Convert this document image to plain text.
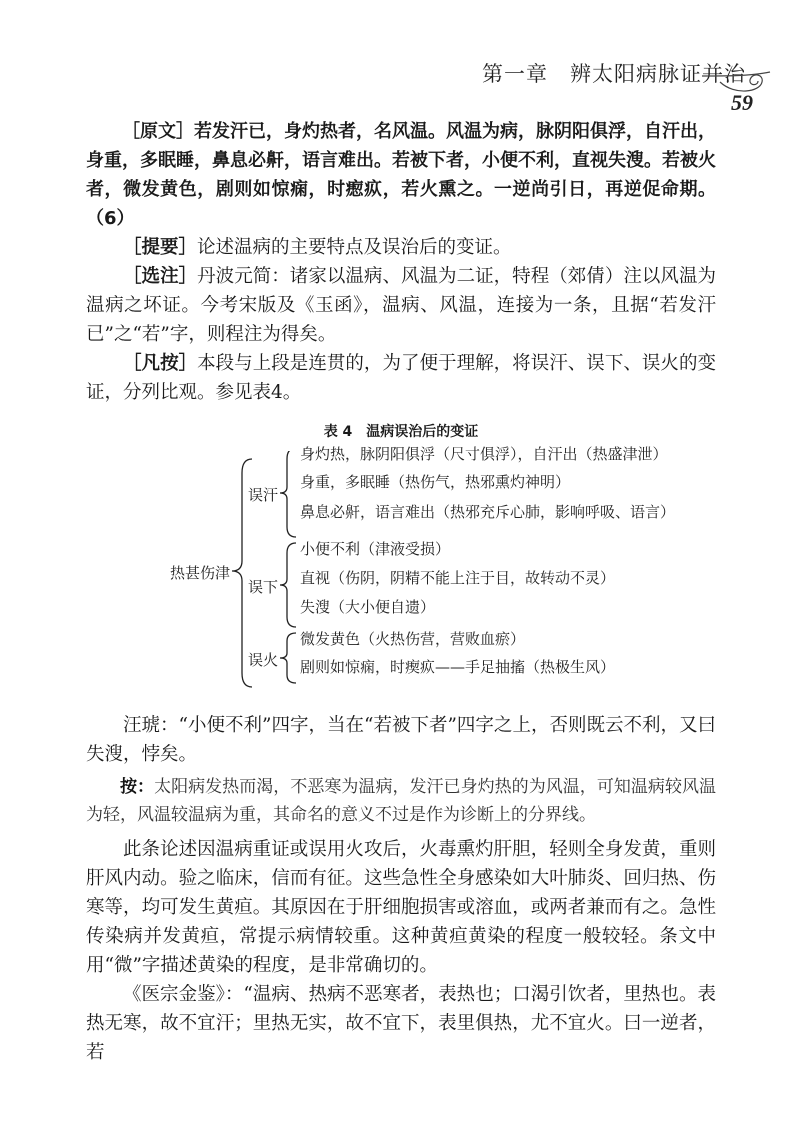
第一章　辨太阳病脉证并治
59

［原文］若发汗已，身灼热者，名风温。风温为病，脉阴阳俱浮，自汗出，身重，多眠睡，鼻息必鼾，语言难出。若被下者，小便不利，直视失溲。若被火者，微发黄色，剧则如惊痫，时瘛疭，若火熏之。一逆尚引日，再逆促命期。（6）

［提要］论述温病的主要特点及误治后的变证。

［选注］丹波元简：诸家以温病、风温为二证，特程（郊倩）注以风温为温病之坏证。今考宋版及《玉函》，温病、风温，连接为一条，且据“若发汗已”之“若”字，则程注为得矣。

［凡按］本段与上段是连贯的，为了便于理解，将误汗、误下、误火的变证，分列比观。参见表4。

表 4　温病误治后的变证
热甚伤津
误汗
身灼热，脉阴阳俱浮（尺寸俱浮），自汗出（热盛津泄）
身重，多眠睡（热伤气，热邪熏灼神明）
鼻息必鼾，语言难出（热邪充斥心肺，影响呼吸、语言）
误下
小便不利（津液受损）
直视（伤阴，阴精不能上注于目，故转动不灵）
失溲（大小便自遗）
误火
微发黄色（火热伤营，营败血瘀）
剧则如惊痫，时瘈疭——手足抽搐（热极生风）

汪琥：“小便不利”四字，当在“若被下者”四字之上，否则既云不利，又曰失溲，悖矣。

按：太阳病发热而渴，不恶寒为温病，发汗已身灼热的为风温，可知温病较风温为轻，风温较温病为重，其命名的意义不过是作为诊断上的分界线。

此条论述因温病重证或误用火攻后，火毒熏灼肝胆，轻则全身发黄，重则肝风内动。验之临床，信而有征。这些急性全身感染如大叶肺炎、回归热、伤寒等，均可发生黄疸。其原因在于肝细胞损害或溶血，或两者兼而有之。急性传染病并发黄疸，常提示病情较重。这种黄疸黄染的程度一般较轻。条文中用“微”字描述黄染的程度，是非常确切的。

《医宗金鉴》：“温病、热病不恶寒者，表热也；口渴引饮者，里热也。表热无寒，故不宜汗；里热无实，故不宜下，表里俱热，尤不宜火。曰一逆者，若
